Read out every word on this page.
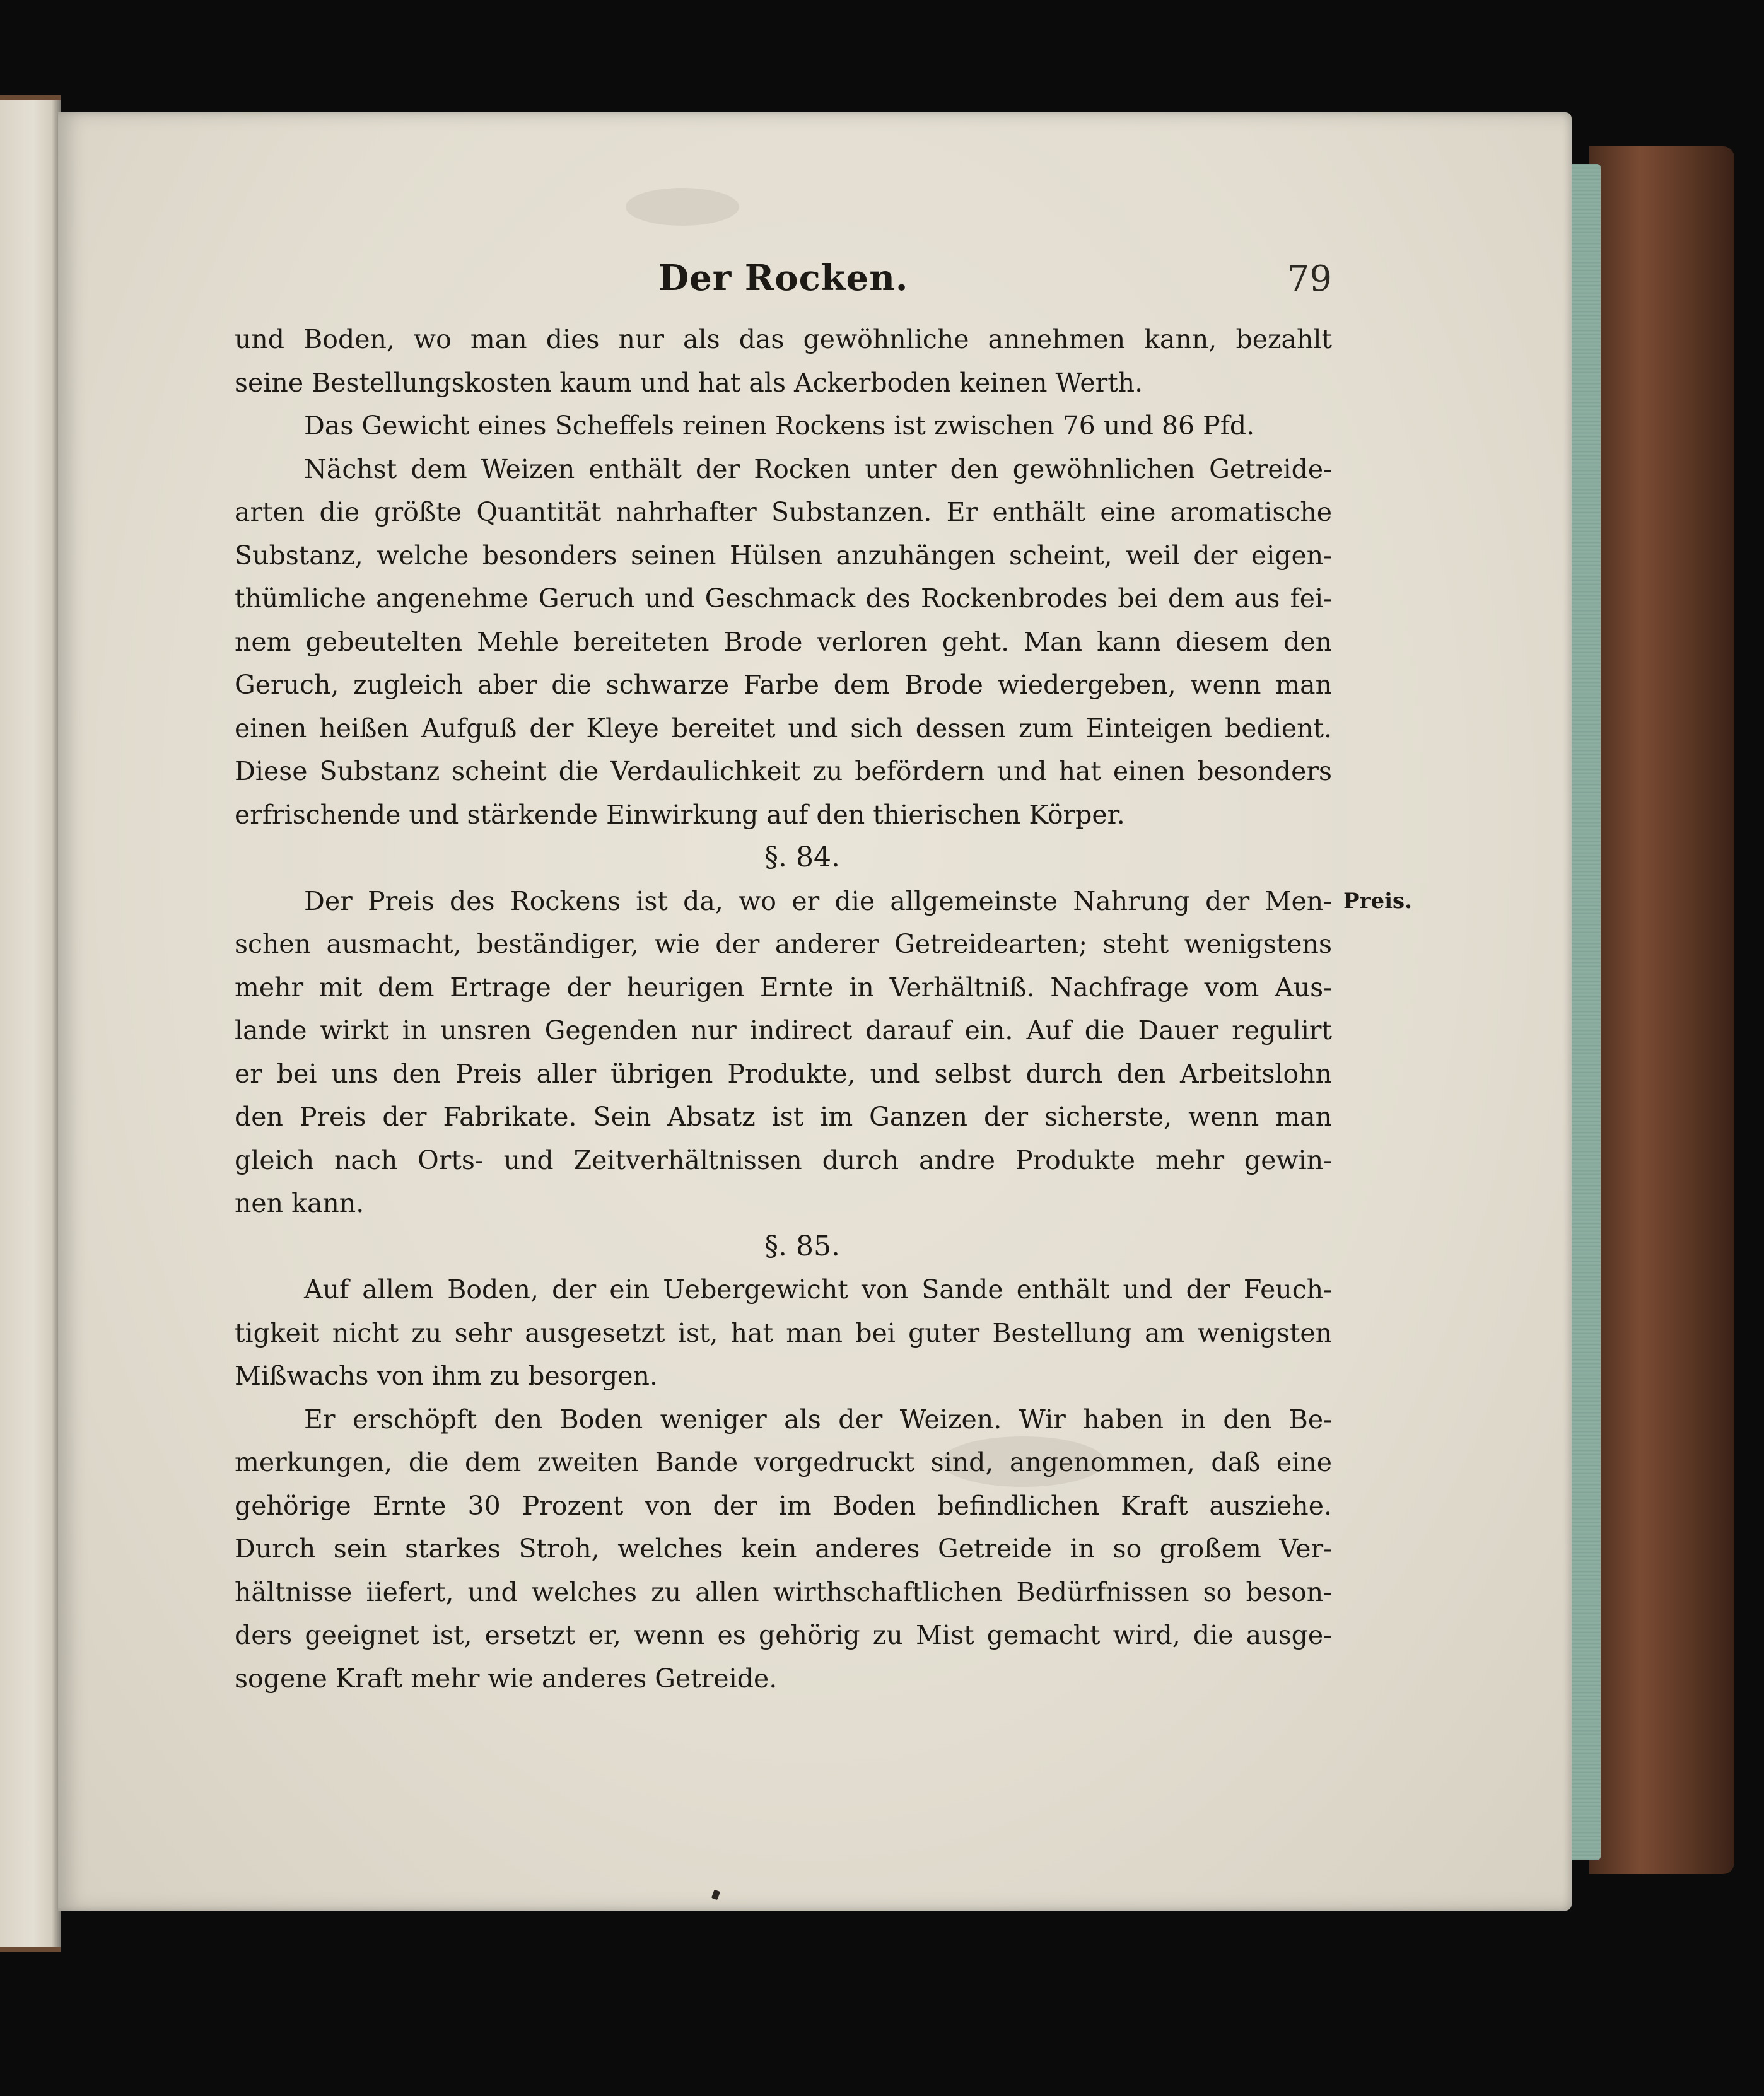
Der Rocken.	79
und Boden, wo man dies nur als das gewöhnliche annehmen kann, bezahlt
seine Bestellungskosten kaum und hat als Ackerboden keinen Werth.
Das Gewicht eines Scheffels reinen Rockens ist zwischen 76 und 86 Pfd.
Nächst dem Weizen enthält der Rocken unter den gewöhnlichen Getreide-
arten die größte Quantität nahrhafter Substanzen. Er enthält eine aromatische
Substanz, welche besonders seinen Hülsen anzuhängen scheint, weil der eigen-
thümliche angenehme Geruch und Geschmack des Rockenbrodes bei dem aus fei-
nem gebeutelten Mehle bereiteten Brode verloren geht. Man kann diesem den
Geruch, zugleich aber die schwarze Farbe dem Brode wiedergeben, wenn man
einen heißen Aufguß der Kleye bereitet und sich dessen zum Einteigen bedient.
Diese Substanz scheint die Verdaulichkeit zu befördern und hat einen besonders
erfrischende und stärkende Einwirkung auf den thierischen Körper.
§. 84.
Preis.
Der Preis des Rockens ist da, wo er die allgemeinste Nahrung der Men-
schen ausmacht, beständiger, wie der anderer Getreidearten; steht wenigstens
mehr mit dem Ertrage der heurigen Ernte in Verhältniß. Nachfrage vom Aus-
lande wirkt in unsren Gegenden nur indirect darauf ein. Auf die Dauer regulirt
er bei uns den Preis aller übrigen Produkte, und selbst durch den Arbeitslohn
den Preis der Fabrikate. Sein Absatz ist im Ganzen der sicherste, wenn man
gleich nach Orts- und Zeitverhältnissen durch andre Produkte mehr gewin-
nen kann.
§. 85.
Auf allem Boden, der ein Uebergewicht von Sande enthält und der Feuch-
tigkeit nicht zu sehr ausgesetzt ist, hat man bei guter Bestellung am wenigsten
Mißwachs von ihm zu besorgen.
Er erschöpft den Boden weniger als der Weizen. Wir haben in den Be-
merkungen, die dem zweiten Bande vorgedruckt sind, angenommen, daß eine
gehörige Ernte 30 Prozent von der im Boden befindlichen Kraft ausziehe.
Durch sein starkes Stroh, welches kein anderes Getreide in so großem Ver-
hältnisse iiefert, und welches zu allen wirthschaftlichen Bedürfnissen so beson-
ders geeignet ist, ersetzt er, wenn es gehörig zu Mist gemacht wird, die ausge-
sogene Kraft mehr wie anderes Getreide.
